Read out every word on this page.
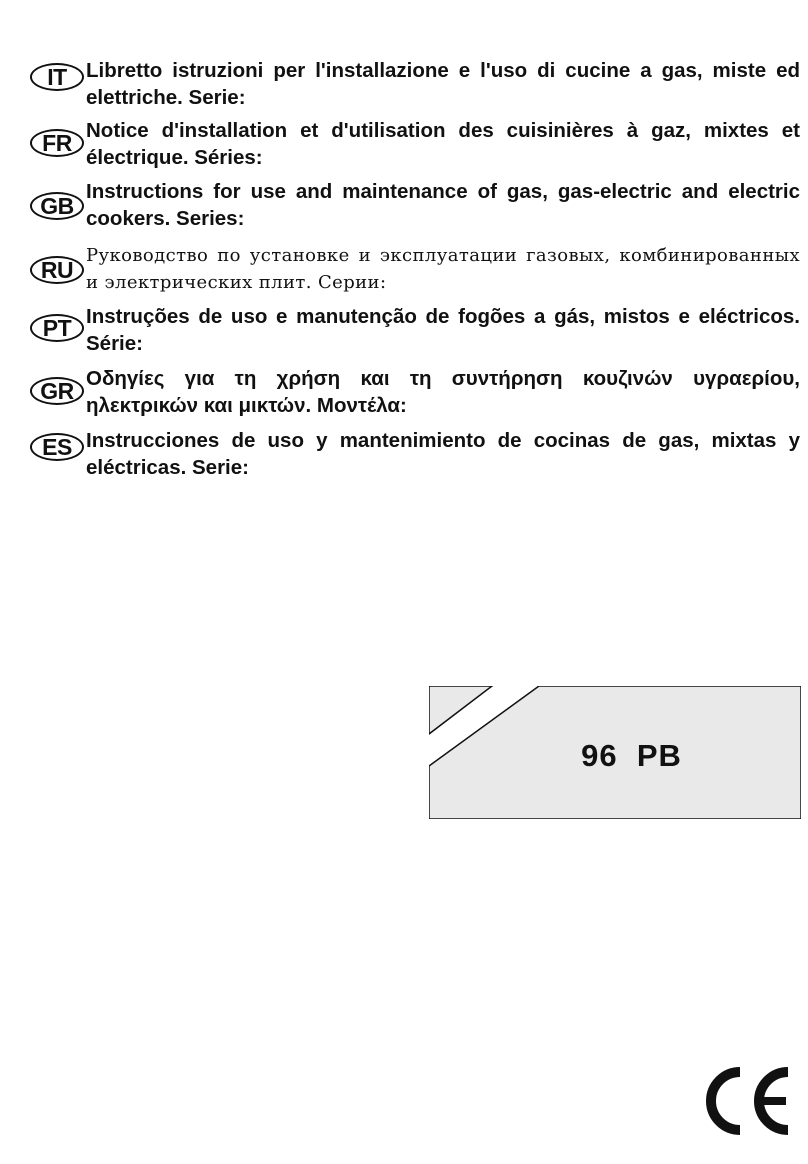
IT Libretto istruzioni per l'installazione e l'uso di cucine a gas, miste ed elettriche. Serie:
FR Notice d'installation et d'utilisation des cuisinières à gaz, mixtes et électrique. Séries:
GB
Instructions for use and maintenance of gas, gas-electric and electric cookers. Series:
RU
Руководство по установке и эксплуатации газовых, комбинированных и электрических плит. Серии:
PT Instruções de uso e manutenção de fogões a gás, mistos e eléctricos. Série:
GR Οδηγίες για τη χρήση και τη συντήρηση κουζινών υγραερίου, ηλεκτρικών και μικτών. Μοντέλα:
ES Instrucciones de uso y mantenimiento de cocinas de gas, mixtas y eléctricas. Serie:
96  PB
